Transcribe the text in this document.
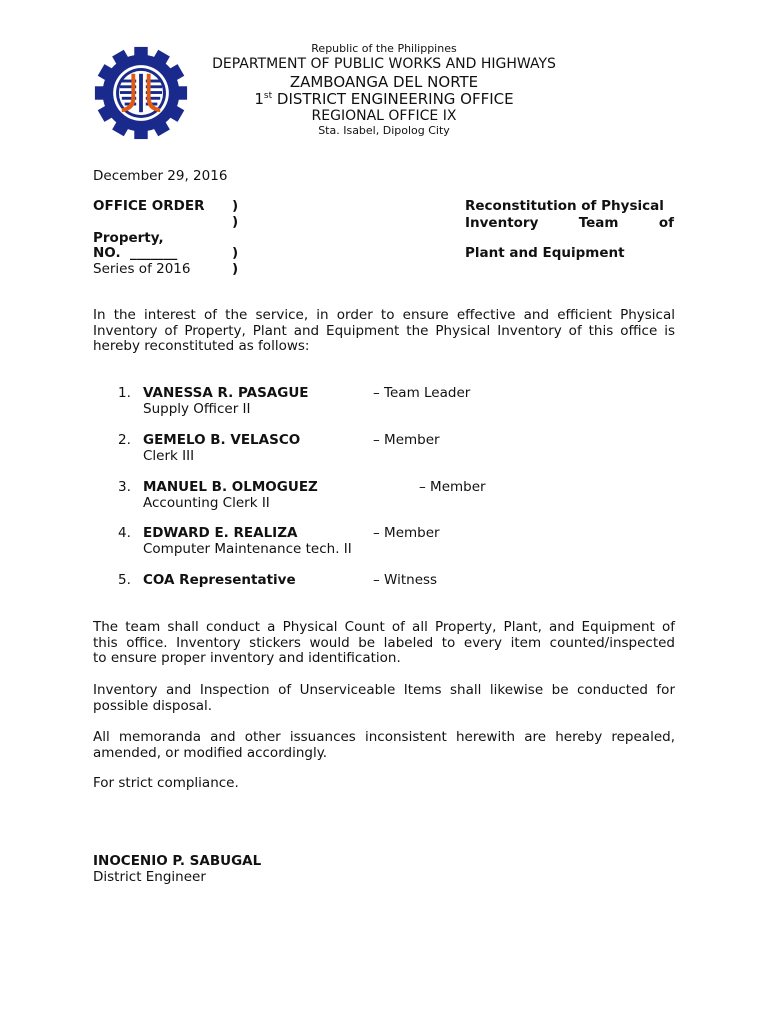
Republic of the Philippines
DEPARTMENT OF PUBLIC WORKS AND HIGHWAYS
ZAMBOANGA DEL NORTE
1st DISTRICT ENGINEERING OFFICE
REGIONAL OFFICE IX
Sta. Isabel, Dipolog City
December 29, 2016
OFFICE ORDER )
)
Property,
NO. _______	)
Series of 2016	)
Reconstitution of Physical
Inventory	Team	of
Plant and Equipment
In the interest of the service, in order to ensure effective and efficient Physical
Inventory of Property, Plant and Equipment the Physical Inventory of this office is
hereby reconstituted as follows:
1. VANESSA R. PASAGUE	– Team Leader
Supply Officer II
2. GEMELO B. VELASCO	– Member
Clerk III
3. MANUEL B. OLMOGUEZ	– Member
Accounting Clerk II
4. EDWARD E. REALIZA	– Member
Computer Maintenance tech. II
5. COA Representative	– Witness
The team shall conduct a Physical Count of all Property, Plant, and Equipment of
this office. Inventory stickers would be labeled to every item counted/inspected
to ensure proper inventory and identification.
Inventory and Inspection of Unserviceable Items shall likewise be conducted for
possible disposal.
All memoranda and other issuances inconsistent herewith are hereby repealed,
amended, or modified accordingly.
For strict compliance.
INOCENIO P. SABUGAL
District Engineer
